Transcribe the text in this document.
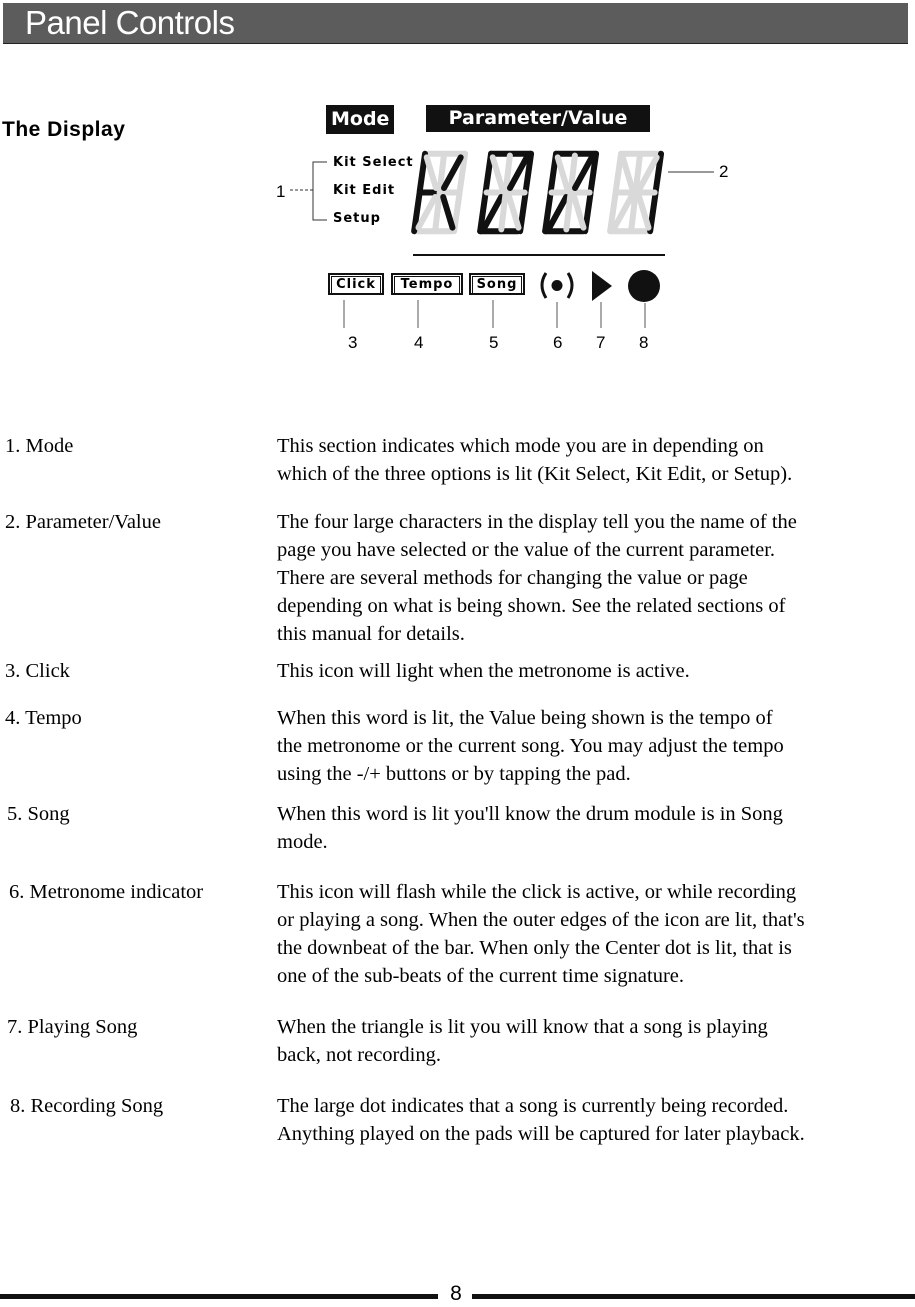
Panel Controls
The Display	Mode	Parameter/Value
Kit Select
Kit Edit
Setup
1
2
3	4	5	6 7 8
Click	Tempo	Song
1. Mode	This section indicates which mode you are in depending on

which of the three options is lit (Kit Select, Kit Edit, or Setup).

2. Parameter/Value	The four large characters in the display tell you the name of the

page you have selected or the value of the current parameter.

There are several methods for changing the value or page

depending on what is being shown. See the related sections of

this manual for details.

3. Click	This icon will light when the metronome is active.

4. Tempo	When this word is lit, the Value being shown is the tempo of

the metronome or the current song. You may adjust the tempo

using the -/+ buttons or by tapping the pad.

5. Song	When this word is lit you'll know the drum module is in Song

mode.

6. Metronome indicator	This icon will flash while the click is active, or while recording

or playing a song. When the outer edges of the icon are lit, that's

the downbeat of the bar. When only the Center dot is lit, that is

one of the sub-beats of the current time signature.

7. Playing Song	When the triangle is lit you will know that a song is playing

back, not recording.

8. Recording Song	The large dot indicates that a song is currently being recorded.

Anything played on the pads will be captured for later playback.

8
